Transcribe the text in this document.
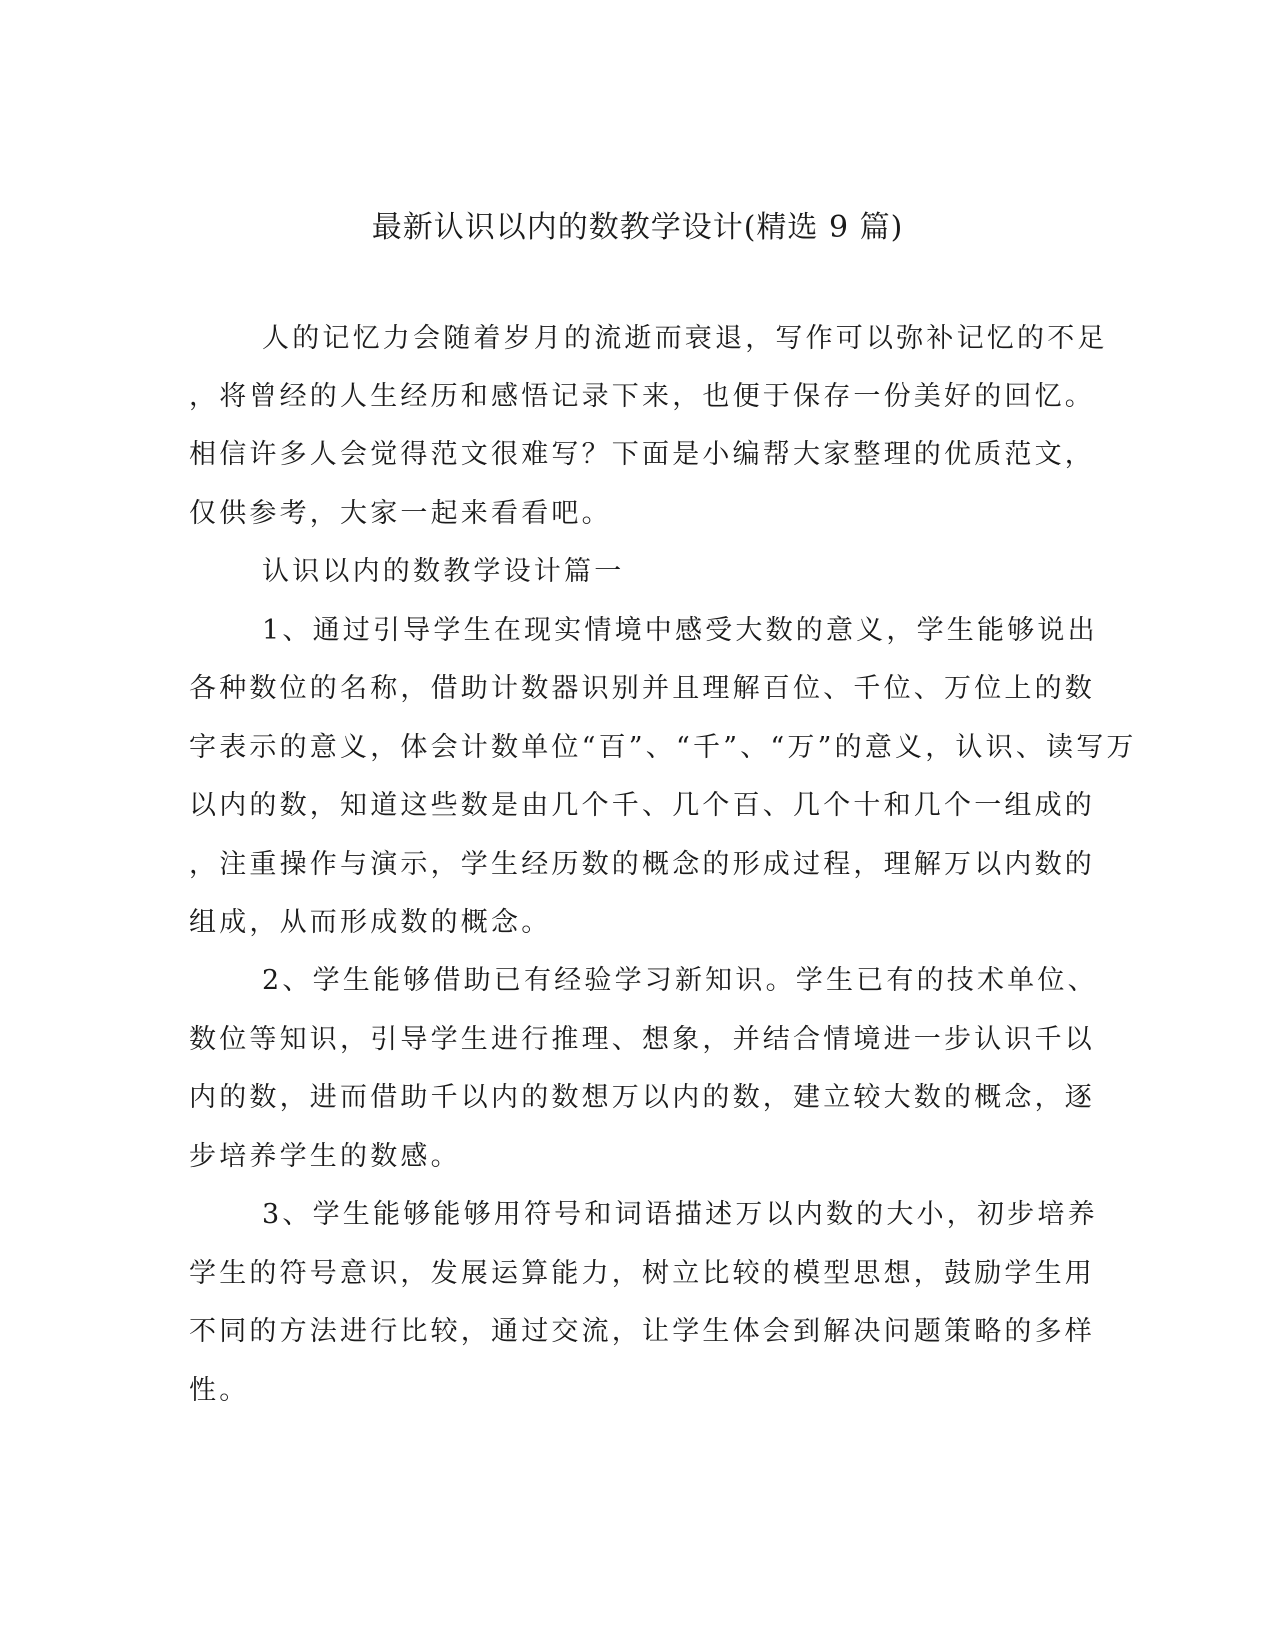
最新认识以内的数教学设计(精选 9 篇)

人的记忆力会随着岁月的流逝而衰退，写作可以弥补记忆的不足

，将曾经的人生经历和感悟记录下来，也便于保存一份美好的回忆。

相信许多人会觉得范文很难写？下面是小编帮大家整理的优质范文，

仅供参考，大家一起来看看吧。

认识以内的数教学设计篇一

1、通过引导学生在现实情境中感受大数的意义，学生能够说出

各种数位的名称，借助计数器识别并且理解百位、千位、万位上的数

字表示的意义，体会计数单位“百”、“千”、“万”的意义，认识、读写万

以内的数，知道这些数是由几个千、几个百、几个十和几个一组成的

，注重操作与演示，学生经历数的概念的形成过程，理解万以内数的

组成，从而形成数的概念。

2、学生能够借助已有经验学习新知识。学生已有的技术单位、

数位等知识，引导学生进行推理、想象，并结合情境进一步认识千以

内的数，进而借助千以内的数想万以内的数，建立较大数的概念，逐

步培养学生的数感。

3、学生能够能够用符号和词语描述万以内数的大小，初步培养

学生的符号意识，发展运算能力，树立比较的模型思想，鼓励学生用

不同的方法进行比较，通过交流，让学生体会到解决问题策略的多样

性。
